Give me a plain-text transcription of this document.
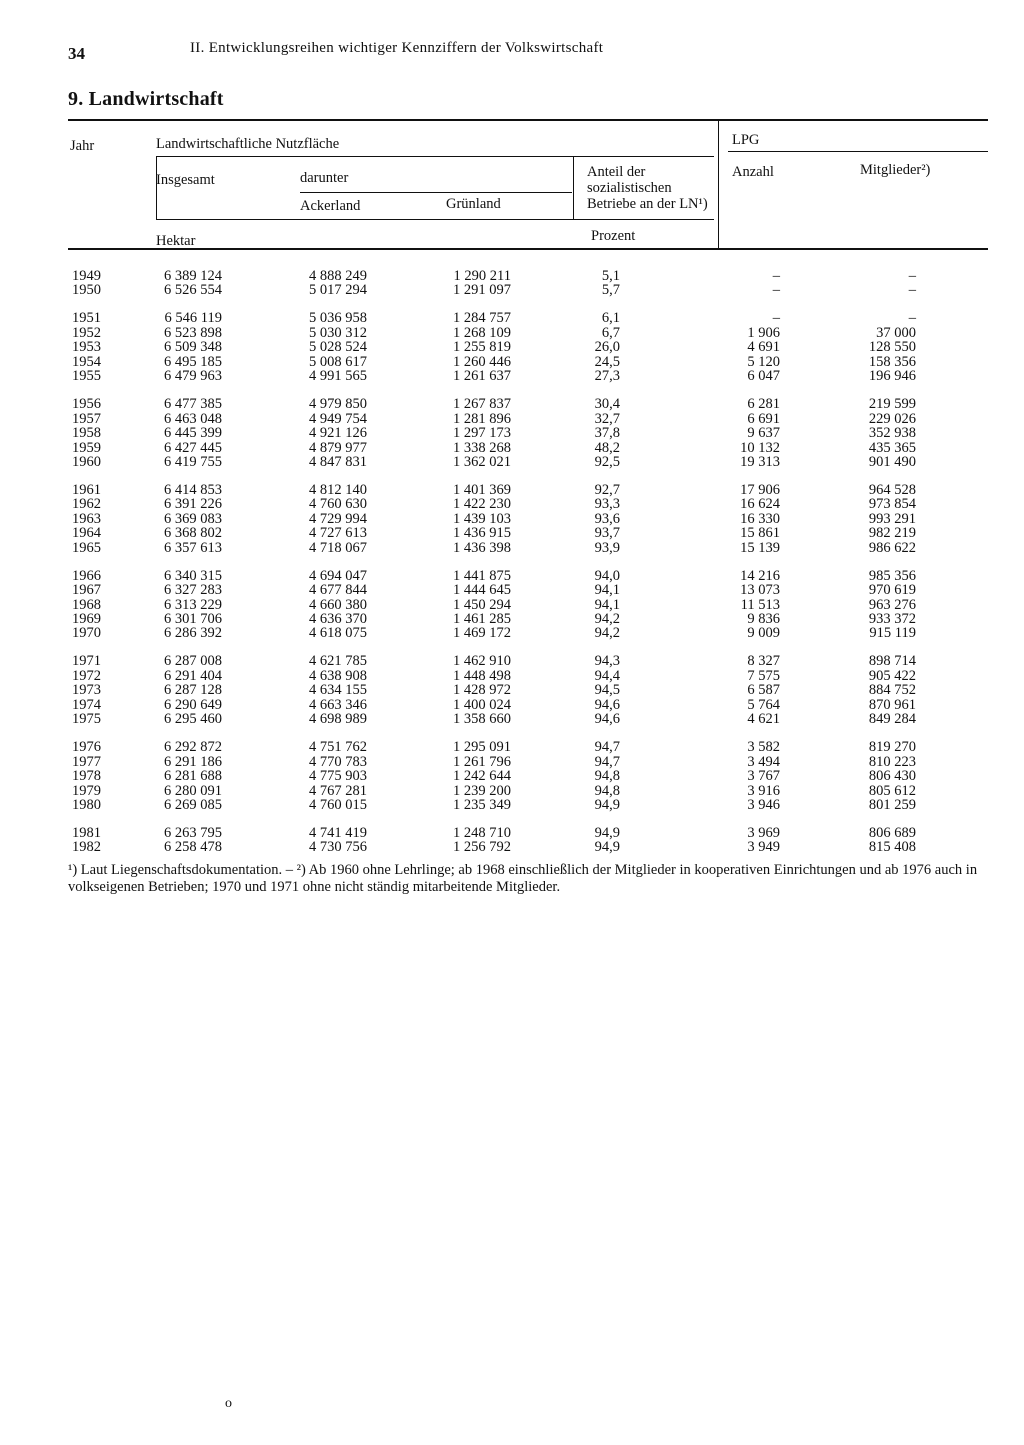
34	II. Entwicklungsreihen wichtiger Kennziffern der Volkswirtschaft
9. Landwirtschaft
Jahr	Landwirtschaftliche Nutzfläche	LPG
Insgesamt	darunter
Ackerland	Grünland
Anteil der sozialistischen Betriebe an der LN¹)
Anzahl	Mitglieder²)
Hektar	Prozent
1949	6 389 124	4 888 249	1 290 211	5,1	–	–
1950	6 526 554	5 017 294	1 291 097	5,7	–	–
1951	6 546 119	5 036 958	1 284 757	6,1	–	–
1952	6 523 898	5 030 312	1 268 109	6,7	1 906	37 000
1953	6 509 348	5 028 524	1 255 819	26,0	4 691	128 550
1954	6 495 185	5 008 617	1 260 446	24,5	5 120	158 356
1955	6 479 963	4 991 565	1 261 637	27,3	6 047	196 946
1956	6 477 385	4 979 850	1 267 837	30,4	6 281	219 599
1957	6 463 048	4 949 754	1 281 896	32,7	6 691	229 026
1958	6 445 399	4 921 126	1 297 173	37,8	9 637	352 938
1959	6 427 445	4 879 977	1 338 268	48,2	10 132	435 365
1960	6 419 755	4 847 831	1 362 021	92,5	19 313	901 490
1961	6 414 853	4 812 140	1 401 369	92,7	17 906	964 528
1962	6 391 226	4 760 630	1 422 230	93,3	16 624	973 854
1963	6 369 083	4 729 994	1 439 103	93,6	16 330	993 291
1964	6 368 802	4 727 613	1 436 915	93,7	15 861	982 219
1965	6 357 613	4 718 067	1 436 398	93,9	15 139	986 622
1966	6 340 315	4 694 047	1 441 875	94,0	14 216	985 356
1967	6 327 283	4 677 844	1 444 645	94,1	13 073	970 619
1968	6 313 229	4 660 380	1 450 294	94,1	11 513	963 276
1969	6 301 706	4 636 370	1 461 285	94,2	9 836	933 372
1970	6 286 392	4 618 075	1 469 172	94,2	9 009	915 119
1971	6 287 008	4 621 785	1 462 910	94,3	8 327	898 714
1972	6 291 404	4 638 908	1 448 498	94,4	7 575	905 422
1973	6 287 128	4 634 155	1 428 972	94,5	6 587	884 752
1974	6 290 649	4 663 346	1 400 024	94,6	5 764	870 961
1975	6 295 460	4 698 989	1 358 660	94,6	4 621	849 284
1976	6 292 872	4 751 762	1 295 091	94,7	3 582	819 270
1977	6 291 186	4 770 783	1 261 796	94,7	3 494	810 223
1978	6 281 688	4 775 903	1 242 644	94,8	3 767	806 430
1979	6 280 091	4 767 281	1 239 200	94,8	3 916	805 612
1980	6 269 085	4 760 015	1 235 349	94,9	3 946	801 259
1981	6 263 795	4 741 419	1 248 710	94,9	3 969	806 689
1982	6 258 478	4 730 756	1 256 792	94,9	3 949	815 408
¹) Laut Liegenschaftsdokumentation. – ²) Ab 1960 ohne Lehrlinge; ab 1968 einschließlich der Mitglieder in kooperativen Einrichtungen und ab 1976 auch in volkseigenen Betrieben; 1970 und 1971 ohne nicht ständig mitarbeitende Mitglieder.
o
